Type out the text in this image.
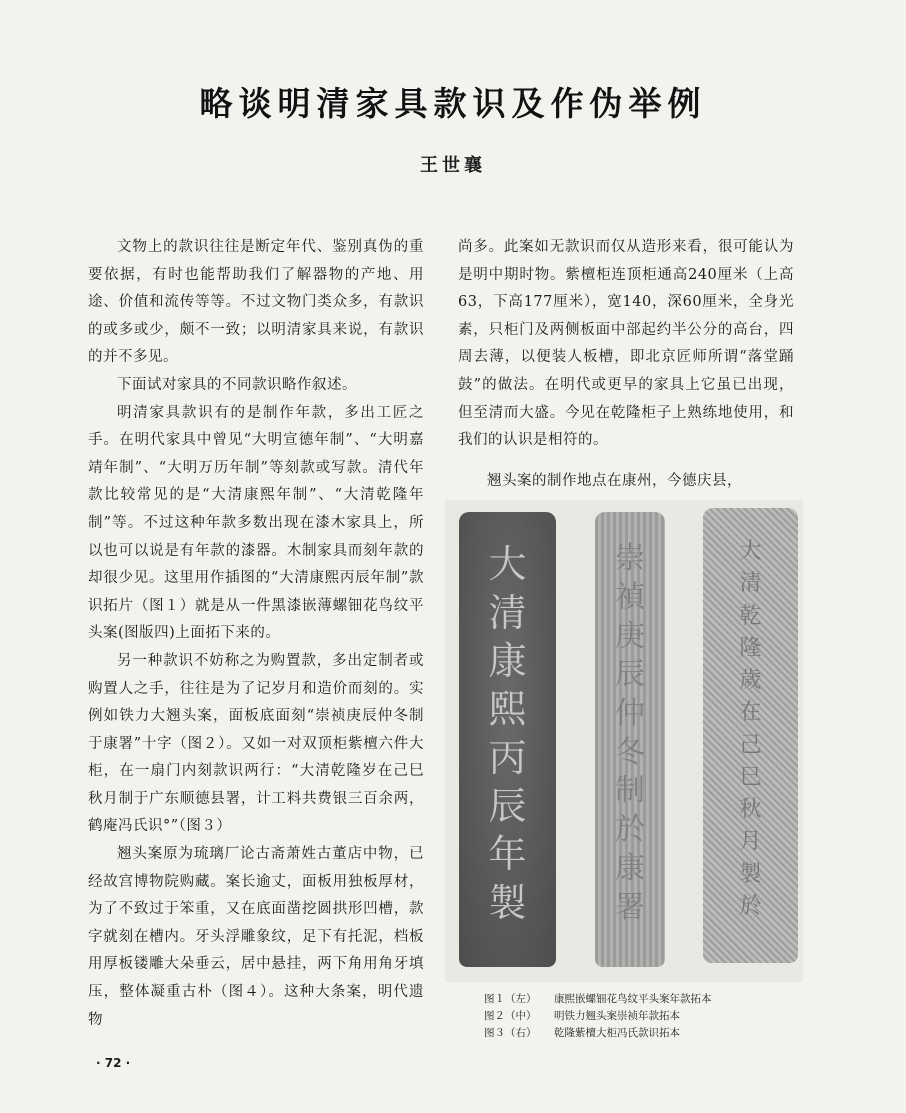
略谈明清家具款识及作伪举例
王世襄

文物上的款识往往是断定年代、鉴别真伪的重要依据，有时也能帮助我们了解器物的产地、用途、价值和流传等等。不过文物门类众多，有款识的或多或少，颇不一致；以明清家具来说，有款识的并不多见。

下面试对家具的不同款识略作叙述。

明清家具款识有的是制作年款，多出工匠之手。在明代家具中曾见“大明宣德年制”、“大明嘉靖年制”、“大明万历年制”等刻款或写款。清代年款比较常见的是“大清康熙年制”、“大清乾隆年制”等。不过这种年款多数出现在漆木家具上，所以也可以说是有年款的漆器。木制家具而刻年款的却很少见。这里用作插图的“大清康熙丙辰年制”款识拓片（图１）就是从一件黑漆嵌薄螺钿花鸟纹平头案(图版四)上面拓下来的。

另一种款识不妨称之为购置款，多出定制者或购置人之手，往往是为了记岁月和造价而刻的。实例如铁力大翘头案，面板底面刻“崇祯庚辰仲冬制于康署”十字（图２）。又如一对双顶柜紫檀六件大柜，在一扇门内刻款识两行：“大清乾隆岁在己巳秋月制于广东顺德县署，计工料共费银三百余两，鹤庵冯氏识°”（图３）

翘头案原为琉璃厂论古斋萧姓古董店中物，已经故宫博物院购藏。案长逾丈，面板用独板厚材，为了不致过于笨重，又在底面凿挖圆拱形凹槽，款字就刻在槽内。牙头浮雕象纹，足下有托泥，档板用厚板镂雕大朵垂云，居中悬挂，两下角用角牙填压，整体凝重古朴（图４）。这种大条案，明代遗物

尚多。此案如无款识而仅从造形来看，很可能认为是明中期时物。紫檀柜连顶柜通高240厘米（上高63，下高177厘米），宽140，深60厘米，全身光素，只柜门及两侧板面中部起约半公分的高台，四周去薄，以便装人板槽，即北京匠师所谓“落堂踊鼓”的做法。在明代或更早的家具上它虽已出现，但至清而大盛。今见在乾隆柜子上熟练地使用，和我们的认识是相符的。

翘头案的制作地点在康州，今德庆县，

大
清
康
熙
丙
辰
年
製
崇
禎
庚
辰
仲
冬
制
於
康
署
大
清
乾
隆
歲
在
己
巳
秋
月
製
於
图１（左）	康熙嵌螺钿花鸟纹平头案年款拓本
图２（中）	明铁力翘头案崇祯年款拓本
图３（右）	乾隆紫檀大柜冯氏款识拓本
· 72 ·
